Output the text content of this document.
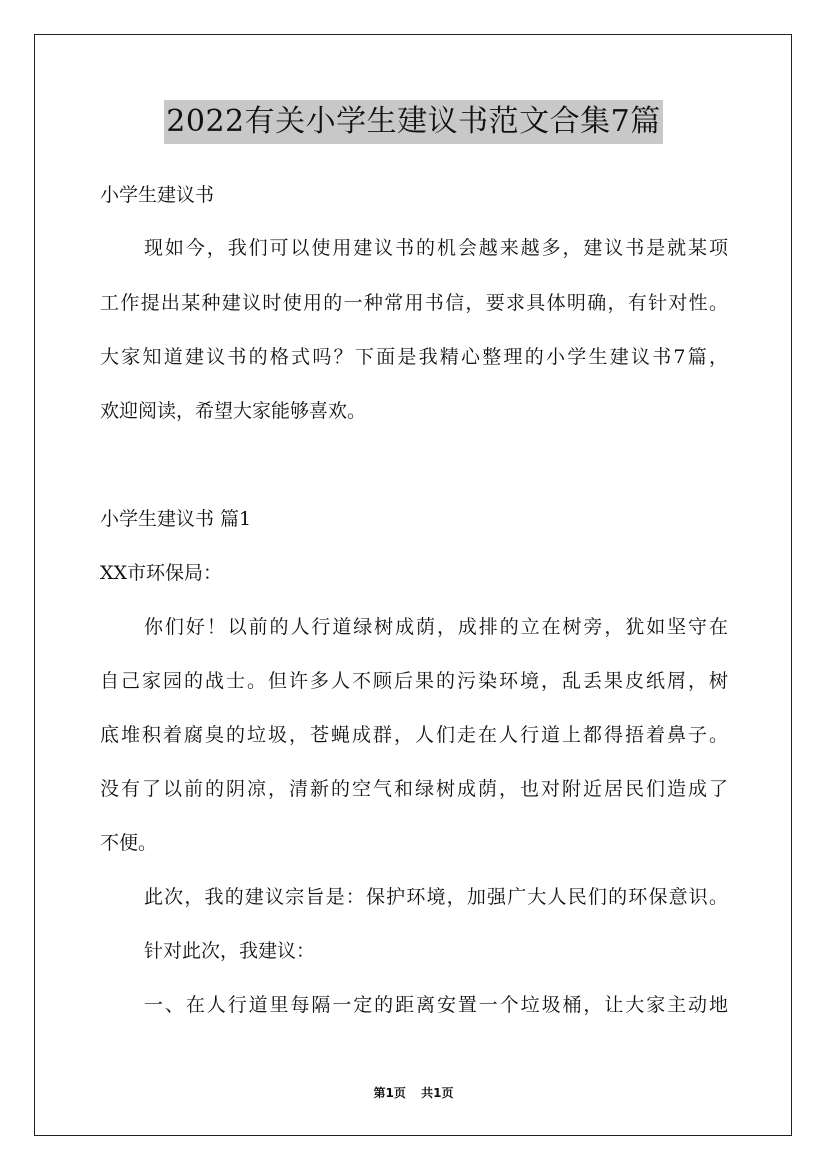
2022有关小学生建议书范文合集7篇
小学生建议书
现如今，我们可以使用建议书的机会越来越多，建议书是就某项
工作提出某种建议时使用的一种常用书信，要求具体明确，有针对性。
大家知道建议书的格式吗？下面是我精心整理的小学生建议书7篇，
欢迎阅读，希望大家能够喜欢。
小学生建议书 篇1
XX市环保局：
你们好！以前的人行道绿树成荫，成排的立在树旁，犹如坚守在
自己家园的战士。但许多人不顾后果的污染环境，乱丢果皮纸屑，树
底堆积着腐臭的垃圾，苍蝇成群，人们走在人行道上都得捂着鼻子。
没有了以前的阴凉，清新的空气和绿树成荫，也对附近居民们造成了
不便。
此次，我的建议宗旨是：保护环境，加强广大人民们的环保意识。
针对此次，我建议：
一、在人行道里每隔一定的距离安置一个垃圾桶，让大家主动地
第1页 共1页
